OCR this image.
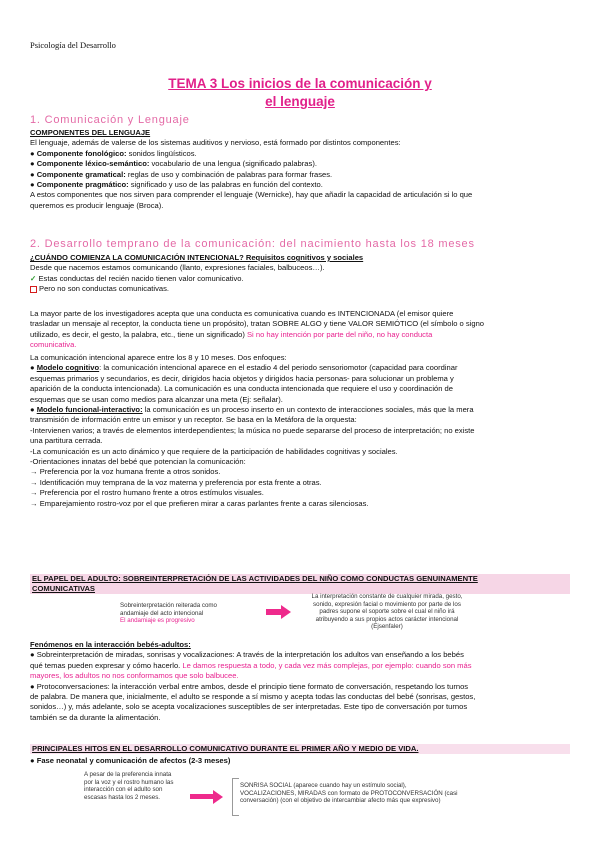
Psicología del Desarrollo
TEMA 3 Los inicios de la comunicación y
el lenguaje
1. Comunicación y Lenguaje
COMPONENTES DEL LENGUAJE
El lenguaje, además de valerse de los sistemas auditivos y nervioso, está formado por distintos componentes:
● Componente fonológico: sonidos lingüísticos.
● Componente léxico-semántico: vocabulario de una lengua (significado palabras).
● Componente gramatical: reglas de uso y combinación de palabras para formar frases.
● Componente pragmático: significado y uso de las palabras en función del contexto.
A estos componentes que nos sirven para comprender el lenguaje (Wernicke), hay que añadir la capacidad de articulación si lo que
queremos es producir lenguaje (Broca).
2. Desarrollo temprano de la comunicación: del nacimiento hasta los 18 meses
¿CUÁNDO COMIENZA LA COMUNICACIÓN INTENCIONAL? Requisitos cognitivos y sociales
Desde que nacemos estamos comunicando (llanto, expresiones faciales, balbuceos…).
✓ Estas conductas del recién nacido tienen valor comunicativo.
Pero no son conductas comunicativas.
La mayor parte de los investigadores acepta que una conducta es comunicativa cuando es INTENCIONADA (el emisor quiere
trasladar un mensaje al receptor, la conducta tiene un propósito), tratan SOBRE ALGO y tiene VALOR SEMIÓTICO (el símbolo o signo
utilizado, es decir, el gesto, la palabra, etc., tiene un significado) Si no hay intención por parte del niño, no hay conducta
comunicativa.
La comunicación intencional aparece entre los 8 y 10 meses. Dos enfoques:
● Modelo cognitivo: la comunicación intencional aparece en el estadio 4 del periodo sensoriomotor (capacidad para coordinar
esquemas primarios y secundarios, es decir, dirigidos hacia objetos y dirigidos hacia personas- para solucionar un problema y
aparición de la conducta intencionada). La comunicación es una conducta intencionada que requiere el uso y coordinación de
esquemas que se usan como medios para alcanzar una meta (Ej: señalar).
● Modelo funcional-interactivo: la comunicación es un proceso inserto en un contexto de interacciones sociales, más que la mera
transmisión de información entre un emisor y un receptor. Se basa en la Metáfora de la orquesta:
-Intervienen varios; a través de elementos interdependientes; la música no puede separarse del proceso de interpretación; no existe
una partitura cerrada.
-La comunicación es un acto dinámico y que requiere de la participación de habilidades cognitivas y sociales.
-Orientaciones innatas del bebé que potencian la comunicación:
→ Preferencia por la voz humana frente a otros sonidos.
→ Identificación muy temprana de la voz materna y preferencia por esta frente a otras.
→ Preferencia por el rostro humano frente a otros estímulos visuales.
→ Emparejamiento rostro-voz por el que prefieren mirar a caras parlantes frente a caras silenciosas.
EL PAPEL DEL ADULTO: SOBREINTERPRETACIÓN DE LAS ACTIVIDADES DEL NIÑO COMO CONDUCTAS GENUINAMENTE
COMUNICATIVAS
Sobreinterpretación reiterada como
andamiaje del acto intencional
El andamiaje es progresivo
La interpretación constante de cualquier mirada, gesto,
sonido, expresión facial o movimiento por parte de los
padres supone el soporte sobre el cual el niño irá
atribuyendo a sus propios actos carácter intencional
(Ejsenfaler)
Fenómenos en la interacción bebés-adultos:
● Sobreinterpretación de miradas, sonrisas y vocalizaciones: A través de la interpretación los adultos van enseñando a los bebés
qué temas pueden expresar y cómo hacerlo. Le damos respuesta a todo, y cada vez más complejas, por ejemplo: cuando son más
mayores, los adultos no nos conformamos que solo balbucee.
● Protoconversaciones: la interacción verbal entre ambos, desde el principio tiene formato de conversación, respetando los turnos
de palabra. De manera que, inicialmente, el adulto se responde a sí mismo y acepta todas las conductas del bebé (sonrisas, gestos,
sonidos…) y, más adelante, solo se acepta vocalizaciones susceptibles de ser interpretadas. Este tipo de conversación por turnos
también se da durante la alimentación.
PRINCIPALES HITOS EN EL DESARROLLO COMUNICATIVO DURANTE EL PRIMER AÑO Y MEDIO DE VIDA.
● Fase neonatal y comunicación de afectos (2-3 meses)
A pesar de la preferencia innata
por la voz y el rostro humano las
interacción con el adulto son
escasas hasta los 2 meses.
SONRISA SOCIAL (aparece cuando hay un estímulo social),
VOCALIZACIONES, MIRADAS con formato de PROTOCONVERSACIÓN (casi
conversación) (con el objetivo de intercambiar afecto más que expresivo)
